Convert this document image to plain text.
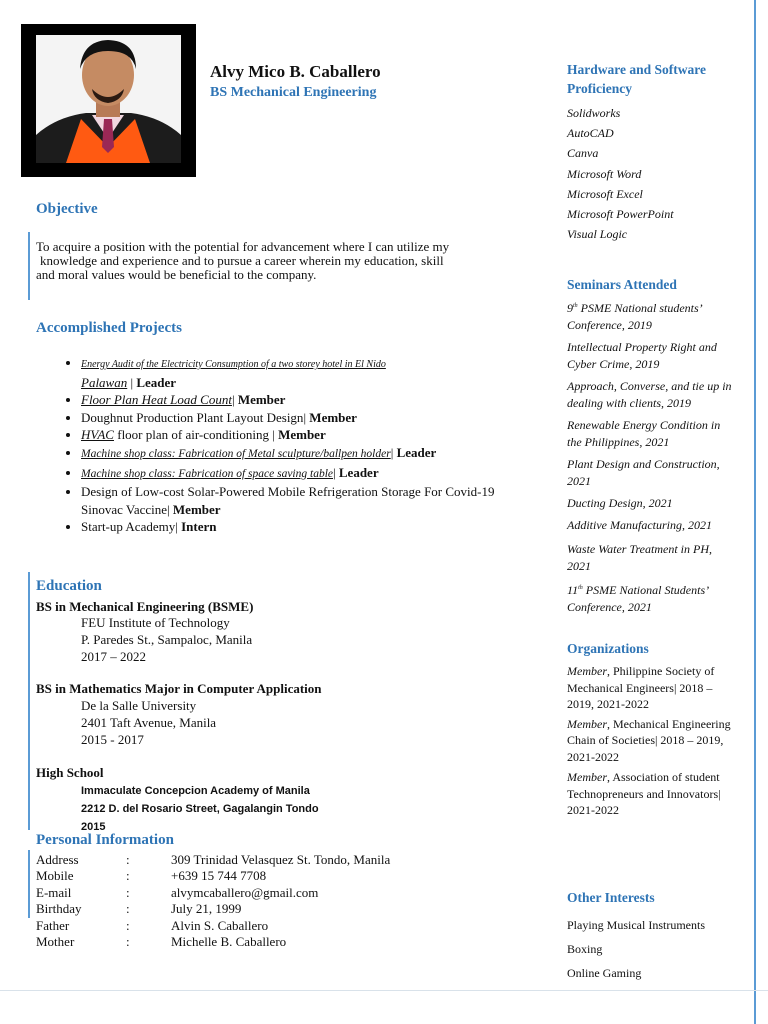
Alvy Mico B. Caballero
BS Mechanical Engineering
Objective
To acquire a position with the potential for advancement where I can utilize my
knowledge and experience and to pursue a career wherein my education, skill
and moral values would be beneficial to the company.
Accomplished Projects
• Energy Audit of the Electricity Consumption of a two storey hotel in El Nido
Palawan | Leader
• Floor Plan Heat Load Count| Member
• Doughnut Production Plant Layout Design| Member
• HVAC floor plan of air-conditioning | Member
• Machine shop class: Fabrication of Metal sculpture/ballpen holder| Leader
• Machine shop class: Fabrication of space saving table| Leader
• Design of Low-cost Solar-Powered Mobile Refrigeration Storage For Covid-19
Sinovac Vaccine| Member
• Start-up Academy| Intern
Education
BS in Mechanical Engineering (BSME)
FEU Institute of Technology
P. Paredes St., Sampaloc, Manila
2017 – 2022
BS in Mathematics Major in Computer Application
De la Salle University
2401 Taft Avenue, Manila
2015 - 2017
High School
Immaculate Concepcion Academy of Manila
2212 D. del Rosario Street, Gagalangin Tondo
2015
Personal Information
Address	:	309 Trinidad Velasquez St. Tondo, Manila
Mobile	:	+639 15 744 7708
E-mail	:	alvymcaballero@gmail.com
Birthday	:	July 21, 1999
Father	:	Alvin S. Caballero
Mother	:	Michelle B. Caballero
Hardware and Software
Proficiency
Solidworks
AutoCAD
Canva
Microsoft Word
Microsoft Excel
Microsoft PowerPoint
Visual Logic
Seminars Attended
9th PSME National students’
Conference, 2019
Intellectual Property Right and
Cyber Crime, 2019
Approach, Converse, and tie up in
dealing with clients, 2019
Renewable Energy Condition in
the Philippines, 2021
Plant Design and Construction,
2021
Ducting Design, 2021
Additive Manufacturing, 2021
Waste Water Treatment in PH,
2021
11th PSME National Students’
Conference, 2021
Organizations
Member, Philippine Society of
Mechanical Engineers| 2018 –
2019, 2021-2022
Member, Mechanical Engineering
Chain of Societies| 2018 – 2019,
2021-2022
Member, Association of student
Technopreneurs and Innovators|
2021-2022
Other Interests
Playing Musical Instruments
Boxing
Online Gaming
